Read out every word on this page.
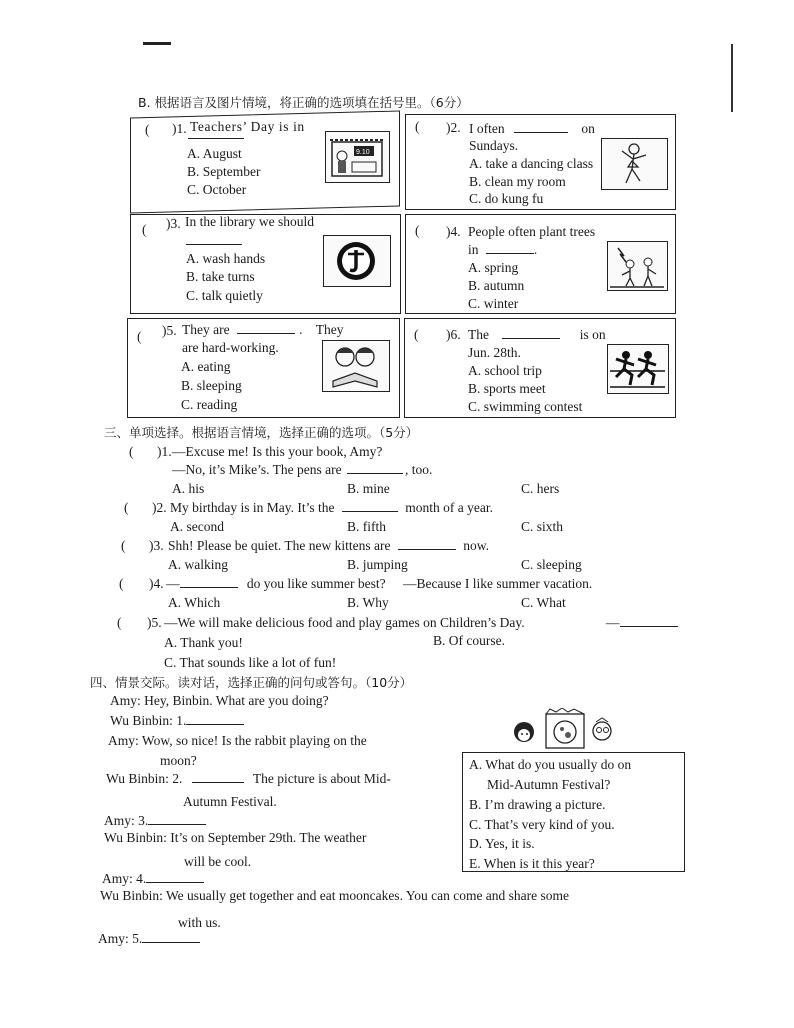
B. 根据语言及图片情境，将正确的选项填在括号里。（6分）
( )1. Teachers’ Day is in
A. August
B. September
C. October
9.10
( )2. I often	on
Sundays.
A. take a dancing class
B. clean my room
C. do kung fu
( )3. In the library we should
A. wash hands
B. take turns
C. talk quietly
( )4. People often plant trees
in	.
A. spring
B. autumn
C. winter
( )5. They are	. They
are hard-working.
A. eating
B. sleeping
C. reading
( )6. The	is on
Jun. 28th.
A. school trip
B. sports meet
C. swimming contest
三、单项选择。根据语言情境，选择正确的选项。（5分）
( )1. —Excuse me! Is this your book, Amy?
—No, it’s Mike’s. The pens are	, too.
A. his	B. mine	C. hers
( )2. My birthday is in May. It’s the	month of a year.
A. second	B. fifth	C. sixth
( )3. Shh! Please be quiet. The new kittens are	now.
A. walking	B. jumping	C. sleeping
( )4. —	do you like summer best? —Because I like summer vacation.
A. Which	B. Why	C. What
( )5. —We will make delicious food and play games on Children’s Day.	—
A. Thank you!	B. Of course.
C. That sounds like a lot of fun!
四、情景交际。读对话，选择正确的问句或答句。（10分）
Amy: Hey, Binbin. What are you doing?
Wu Binbin: 1.
Amy: Wow, so nice! Is the rabbit playing on the
moon?
Wu Binbin: 2.	The picture is about Mid-
Autumn Festival.
Amy: 3.
Wu Binbin: It’s on September 29th. The weather
will be cool.
Amy: 4.
Wu Binbin: We usually get together and eat mooncakes. You can come and share some
with us.
Amy: 5.
A. What do you usually do on
Mid-Autumn Festival?
B. I’m drawing a picture.
C. That’s very kind of you.
D. Yes, it is.
E. When is it this year?
